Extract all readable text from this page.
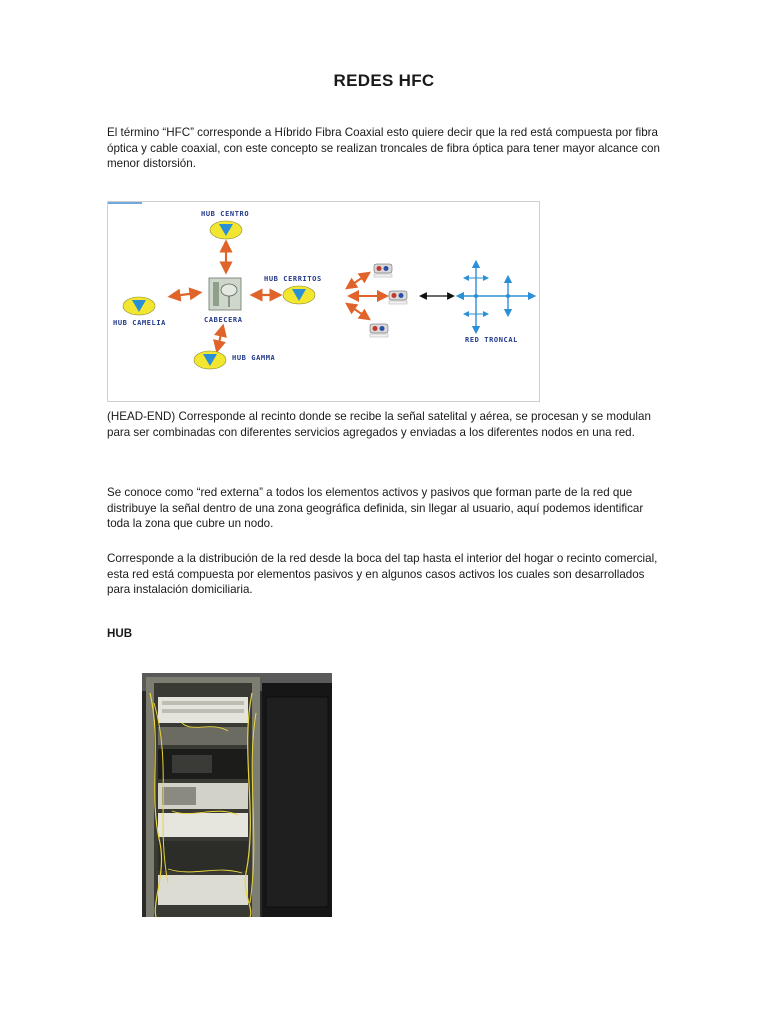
REDES HFC

El término “HFC” corresponde a Híbrido Fibra Coaxial esto quiere decir que la red está compuesta por fibra óptica y cable coaxial, con este concepto se realizan troncales de fibra óptica para tener mayor alcance con menor distorsión.

HUB CENTRO
HUB CAMELIA	CABECERA
HUB GAMMA
HUB CERRITOS
RED TRONCAL

(HEAD-END) Corresponde al recinto donde se recibe la señal satelital y aérea, se procesan y se modulan para ser combinadas con diferentes servicios agregados y enviadas a los diferentes nodos en una red.

Se conoce como “red externa” a todos los elementos activos y pasivos que forman parte de la red que distribuye la señal dentro de una zona geográfica definida, sin llegar al usuario, aquí podemos identificar toda la zona que cubre un nodo.

Corresponde a la distribución de la red desde la boca del tap hasta el interior del hogar o recinto comercial, esta red está compuesta por elementos pasivos y en algunos casos activos los cuales son desarrollados para instalación domiciliaria.

HUB
